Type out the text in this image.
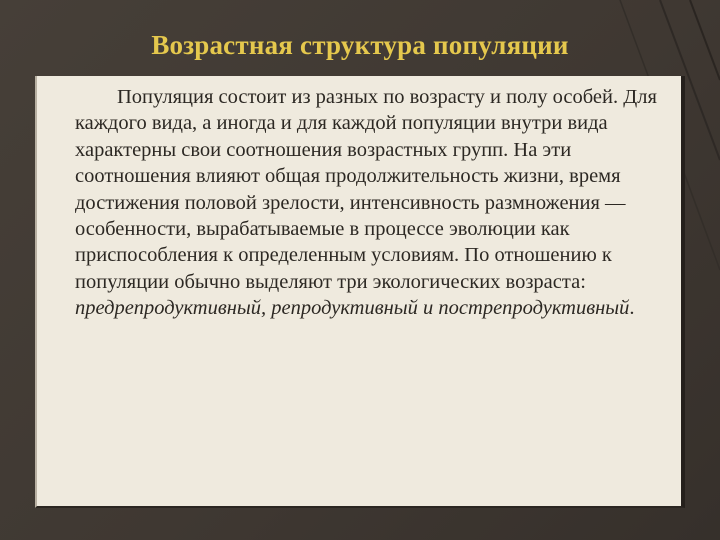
Возрастная структура популяции

Популяция состоит из разных по возрасту и полу особей. Для каждого вида, а иногда и для каждой популяции внутри вида характерны свои соотношения возрастных групп. На эти соотношения влияют общая продолжительность жизни, время достижения половой зрелости, интенсивность размножения — особенности, вырабатываемые в процессе эволюции как приспособления к определенным условиям. По отношению к популяции обычно выделяют три экологических возраста: предрепродуктивный, репродуктивный и пострепродуктивный.
